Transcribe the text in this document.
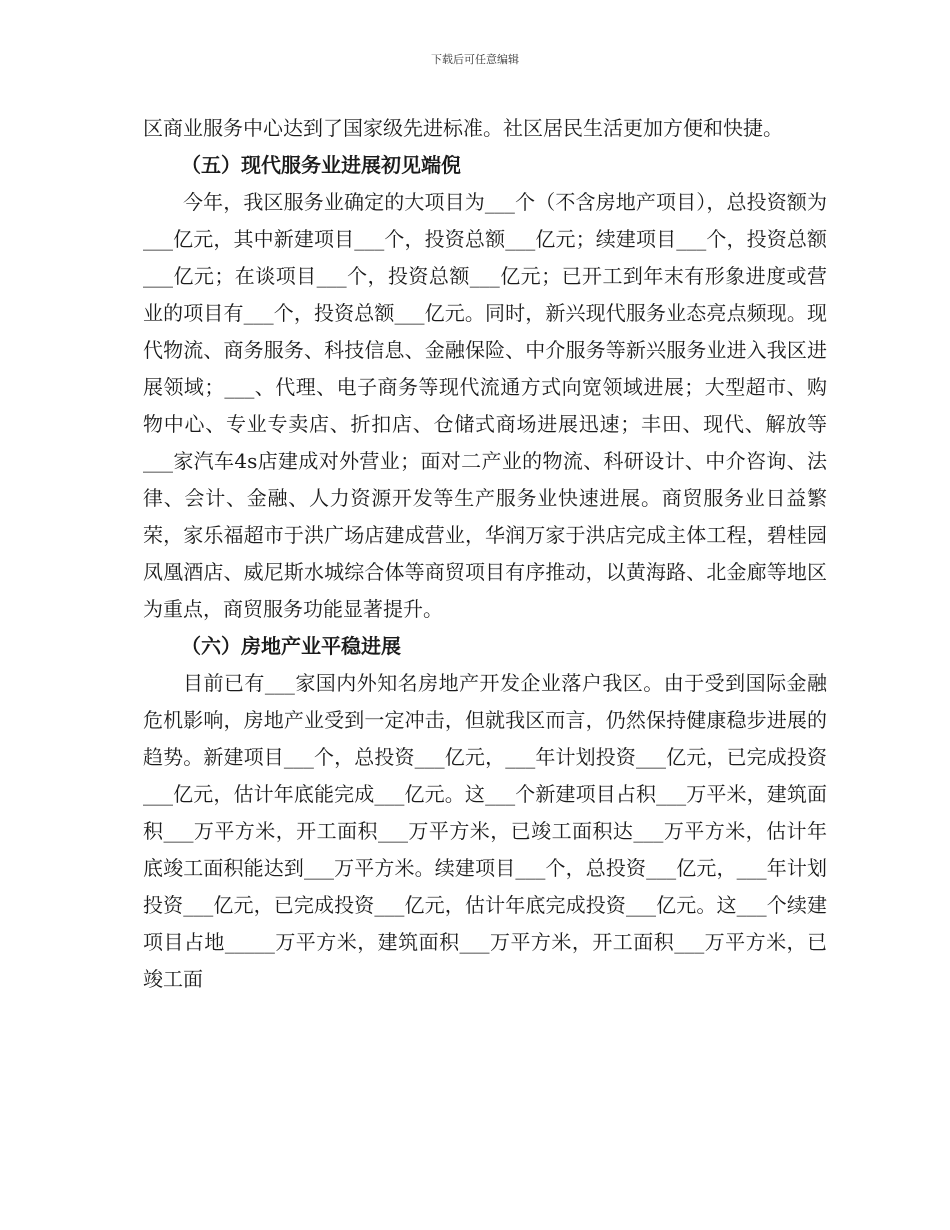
下载后可任意编辑

区商业服务中心达到了国家级先进标准。社区居民生活更加方便和快捷。

（五）现代服务业进展初见端倪

今年，我区服务业确定的大项目为___个（不含房地产项目），总投资额为___亿元，其中新建项目___个，投资总额___亿元；续建项目___个，投资总额___亿元；在谈项目___个，投资总额___亿元；已开工到年末有形象进度或营业的项目有___个，投资总额___亿元。同时，新兴现代服务业态亮点频现。现代物流、商务服务、科技信息、金融保险、中介服务等新兴服务业进入我区进展领域；___、代理、电子商务等现代流通方式向宽领域进展；大型超市、购物中心、专业专卖店、折扣店、仓储式商场进展迅速；丰田、现代、解放等___家汽车4s店建成对外营业；面对二产业的物流、科研设计、中介咨询、法律、会计、金融、人力资源开发等生产服务业快速进展。商贸服务业日益繁荣，家乐福超市于洪广场店建成营业，华润万家于洪店完成主体工程，碧桂园凤凰酒店、威尼斯水城综合体等商贸项目有序推动，以黄海路、北金廊等地区为重点，商贸服务功能显著提升。

（六）房地产业平稳进展

目前已有___家国内外知名房地产开发企业落户我区。由于受到国际金融危机影响，房地产业受到一定冲击，但就我区而言，仍然保持健康稳步进展的趋势。新建项目___个，总投资___亿元，___年计划投资___亿元，已完成投资___亿元，估计年底能完成___亿元。这___个新建项目占积___万平米，建筑面积___万平方米，开工面积___万平方米，已竣工面积达___万平方米，估计年底竣工面积能达到___万平方米。续建项目___个，总投资___亿元，___年计划投资___亿元，已完成投资___亿元，估计年底完成投资___亿元。这___个续建项目占地_____万平方米，建筑面积___万平方米，开工面积___万平方米，已竣工面
